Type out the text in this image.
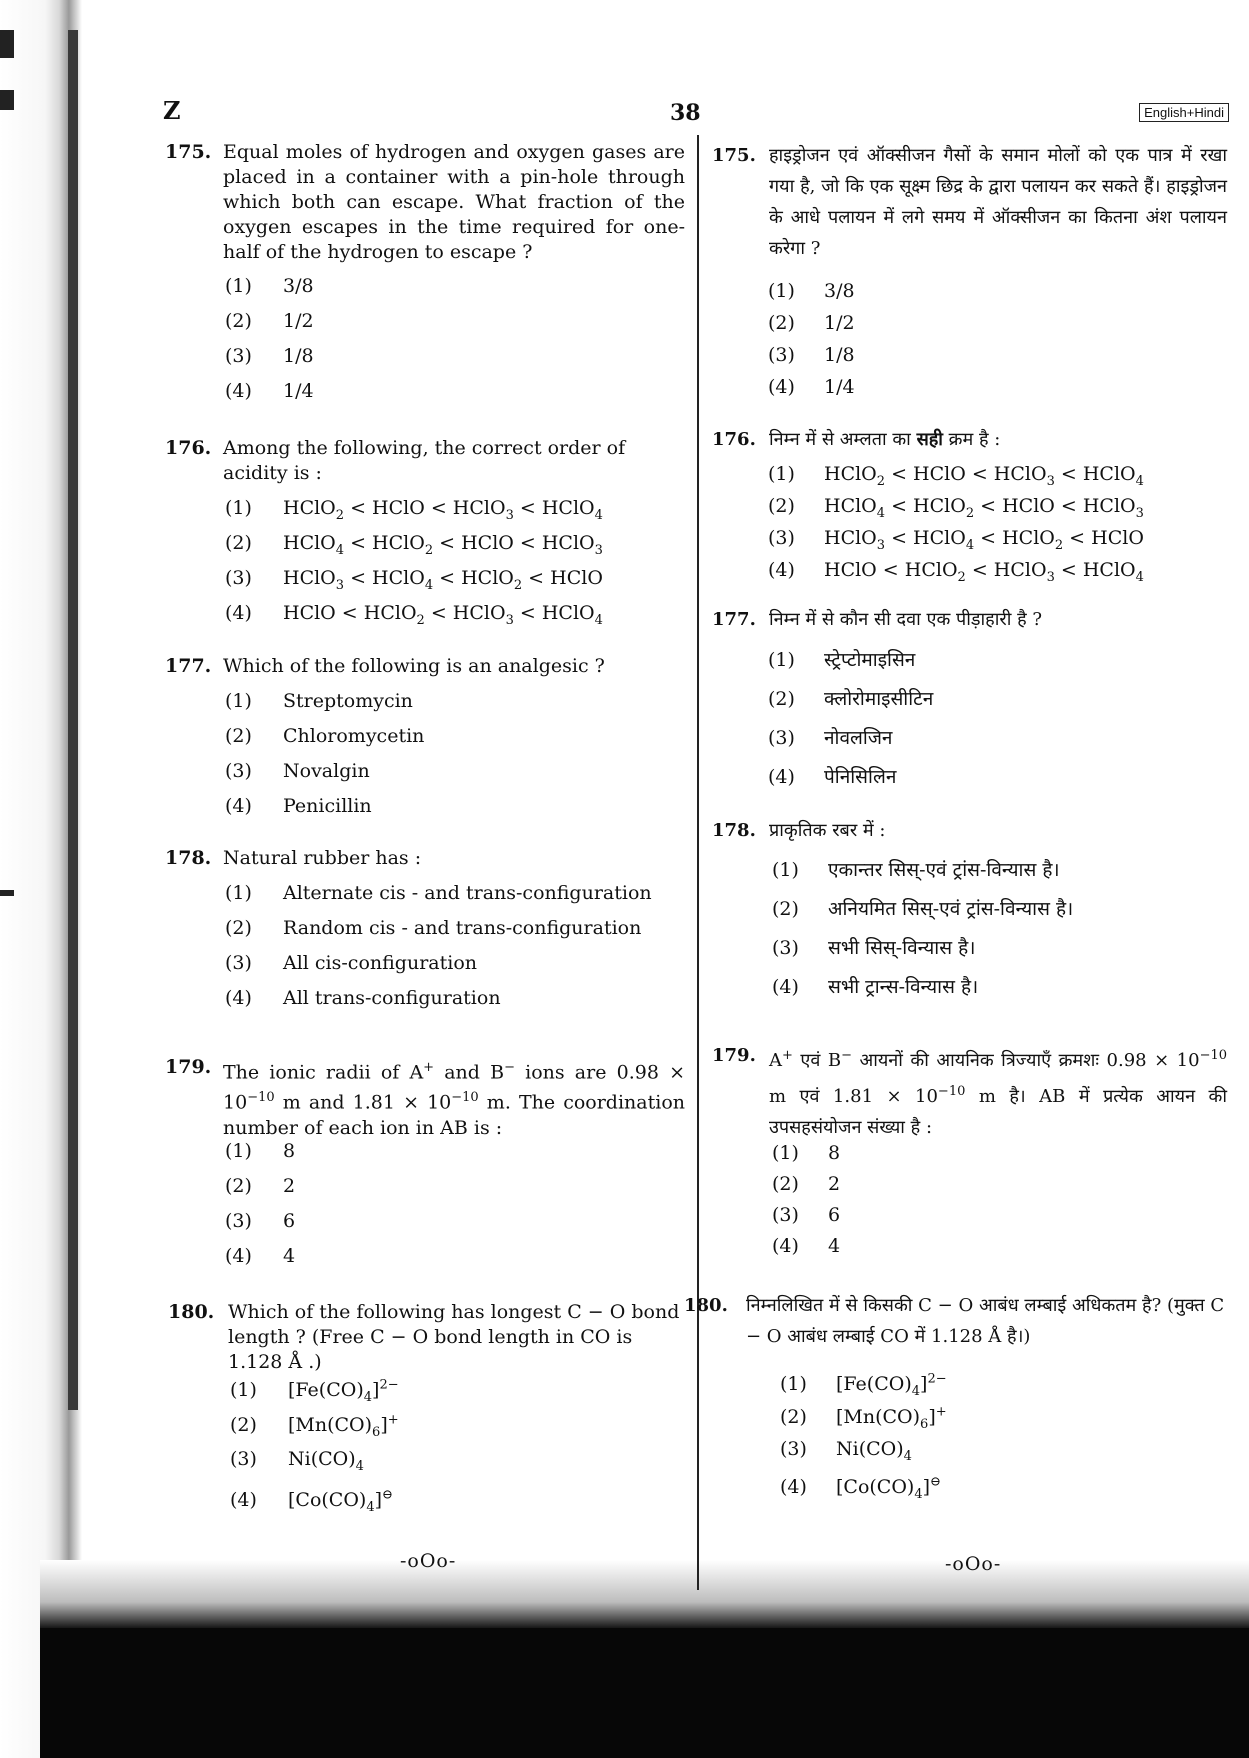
Z	38	English+Hindi
175. Equal moles of hydrogen and oxygen gases are placed in a container with a pin-hole through which both can escape. What fraction of the oxygen escapes in the time required for one-half of the hydrogen to escape ?
(1) 3/8
(2) 1/2
(3) 1/8
(4) 1/4
176. Among the following, the correct order of acidity is :
(1) HClO$_2$ < HClO < HClO$_3$ < HClO$_4$
(2) HClO$_4$ < HClO$_2$ < HClO < HClO$_3$
(3) HClO$_3$ < HClO$_4$ < HClO$_2$ < HClO
(4) HClO < HClO$_2$ < HClO$_3$ < HClO$_4$
177. Which of the following is an analgesic ?
(1) Streptomycin
(2) Chloromycetin
(3) Novalgin
(4) Penicillin
178. Natural rubber has :
(1) Alternate cis - and trans-configuration
(2) Random cis - and trans-configuration
(3) All cis-configuration
(4) All trans-configuration
179. The ionic radii of A+ and B− ions are $0.98 \times 10^{-10}$ m and $1.81 \times 10^{-10}$ m. The coordination number of each ion in AB is :
(1) 8
(2) 2
(3) 6
(4) 4
180. Which of the following has longest C − O bond length ? (Free C − O bond length in CO is 1.128 Å .)
(1) $[Fe(CO)_4]^{2-}$
(2) $[Mn(CO)_6]^+$
(3) $Ni(CO)_4$
(4) $[Co(CO)_4]^⊖$
-oOo-
175. हाइड्रोजन एवं ऑक्सीजन गैसों के समान मोलों को एक पात्र में रखा गया है, जो कि एक सूक्ष्म छिद्र के द्वारा पलायन कर सकते हैं। हाइड्रोजन के आधे पलायन में लगे समय में ऑक्सीजन का कितना अंश पलायन करेगा ?
(1) 3/8
(2) 1/2
(3) 1/8
(4) 1/4
176. निम्न में से अम्लता का सही क्रम है :
(1) HClO$_2$ < HClO < HClO$_3$ < HClO$_4$
(2) HClO$_4$ < HClO$_2$ < HClO < HClO$_3$
(3) HClO$_3$ < HClO$_4$ < HClO$_2$ < HClO
(4) HClO < HClO$_2$ < HClO$_3$ < HClO$_4$
177. निम्न में से कौन सी दवा एक पीड़ाहारी है ?
(1) स्ट्रेप्टोमाइसिन
(2) क्लोरोमाइसीटिन
(3) नोवलजिन
(4) पेनिसिलिन
178. प्राकृतिक रबर में :
(1) एकान्तर सिस्-एवं ट्रांस-विन्यास है।
(2) अनियमित सिस्-एवं ट्रांस-विन्यास है।
(3) सभी सिस्-विन्यास है।
(4) सभी ट्रान्स-विन्यास है।
179. A+ एवं B− आयनों की आयनिक त्रिज्याएँ क्रमशः $0.98 \times 10^{-10}$ m एवं $1.81 \times 10^{-10}$ m है। AB में प्रत्येक आयन की उपसहसंयोजन संख्या है :
(1) 8
(2) 2
(3) 6
(4) 4
180. निम्नलिखित में से किसकी C − O आबंध लम्बाई अधिकतम है? (मुक्त C − O आबंध लम्बाई CO में 1.128 Å है।)
(1) $[Fe(CO)_4]^{2-}$
(2) $[Mn(CO)_6]^+$
(3) $Ni(CO)_4$
(4) $[Co(CO)_4]^⊖$
-oOo-
